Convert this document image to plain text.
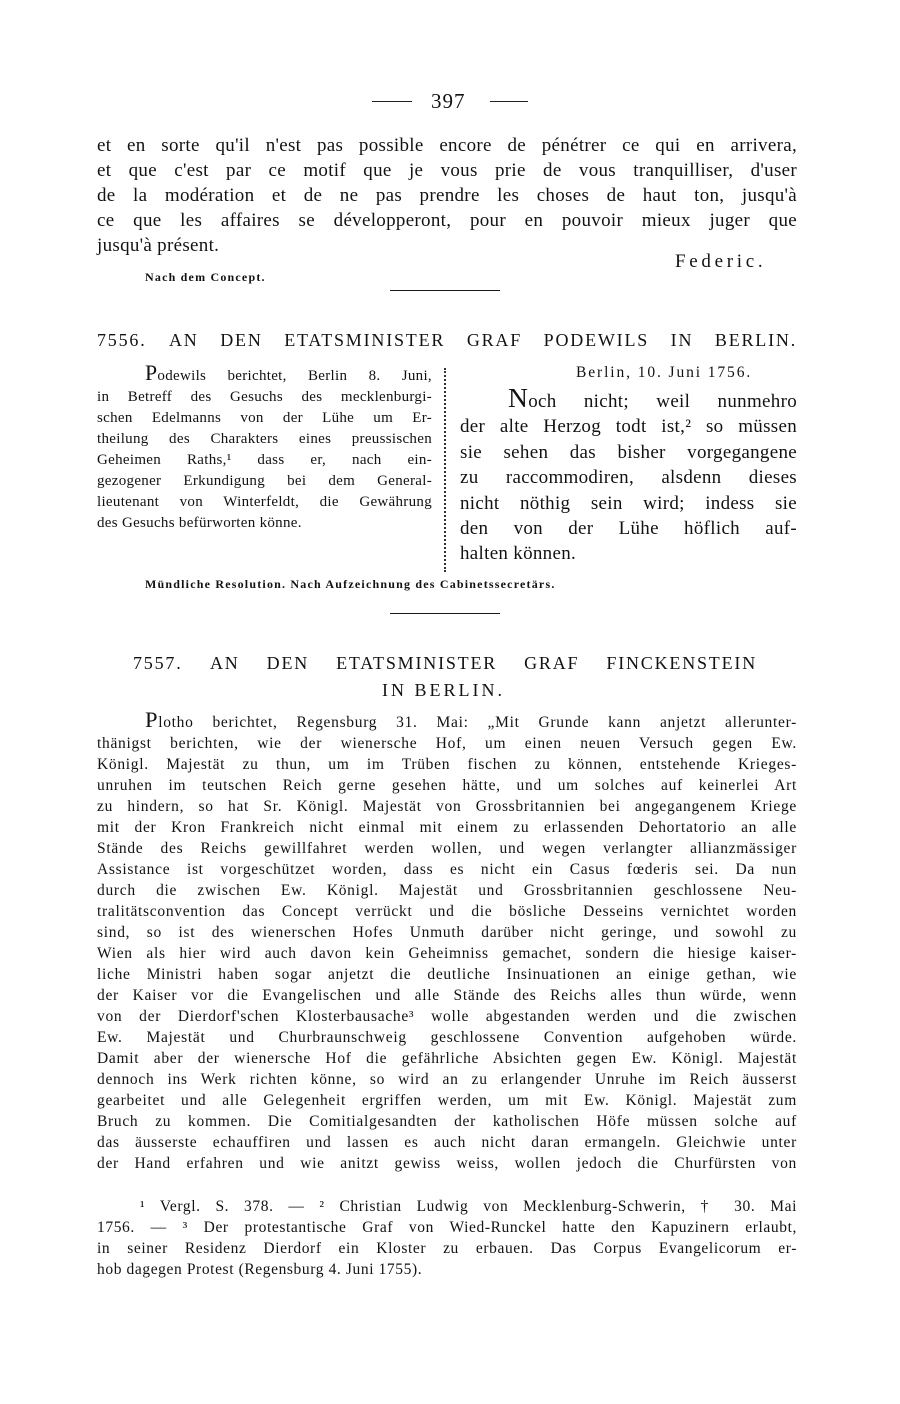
397
et en sorte qu'il n'est pas possible encore de pénétrer ce qui en arrivera,
et que c'est par ce motif que je vous prie de vous tranquilliser, d'user
de la modération et de ne pas prendre les choses de haut ton, jusqu'à
ce que les affaires se développeront, pour en pouvoir mieux juger que
jusqu'à présent.
Federic.
Nach dem Concept.
7556. AN DEN ETATSMINISTER GRAF PODEWILS IN BERLIN.
Podewils berichtet, Berlin 8. Juni,
in Betreff des Gesuchs des mecklenburgi-
schen Edelmanns von der Lühe um Er-
theilung des Charakters eines preussischen
Geheimen Raths,¹ dass er, nach ein-
gezogener Erkundigung bei dem General-
lieutenant von Winterfeldt, die Gewährung
des Gesuchs befürworten könne.
Berlin, 10. Juni 1756.
Noch nicht; weil nunmehro
der alte Herzog todt ist,² so müssen
sie sehen das bisher vorgegangene
zu raccommodiren, alsdenn dieses
nicht nöthig sein wird; indess sie
den von der Lühe höflich auf-
halten können.
Mündliche Resolution. Nach Aufzeichnung des Cabinetssecretärs.
7557. AN DEN ETATSMINISTER GRAF FINCKENSTEIN
IN BERLIN.
Plotho berichtet, Regensburg 31. Mai: „Mit Grunde kann anjetzt allerunter-
thänigst berichten, wie der wienersche Hof, um einen neuen Versuch gegen Ew.
Königl. Majestät zu thun, um im Trüben fischen zu können, entstehende Krieges-
unruhen im teutschen Reich gerne gesehen hätte, und um solches auf keinerlei Art
zu hindern, so hat Sr. Königl. Majestät von Grossbritannien bei angegangenem Kriege
mit der Kron Frankreich nicht einmal mit einem zu erlassenden Dehortatorio an alle
Stände des Reichs gewillfahret werden wollen, und wegen verlangter allianzmässiger
Assistance ist vorgeschützet worden, dass es nicht ein Casus fœderis sei. Da nun
durch die zwischen Ew. Königl. Majestät und Grossbritannien geschlossene Neu-
tralitätsconvention das Concept verrückt und die bösliche Desseins vernichtet worden
sind, so ist des wienerschen Hofes Unmuth darüber nicht geringe, und sowohl zu
Wien als hier wird auch davon kein Geheimniss gemachet, sondern die hiesige kaiser-
liche Ministri haben sogar anjetzt die deutliche Insinuationen an einige gethan, wie
der Kaiser vor die Evangelischen und alle Stände des Reichs alles thun würde, wenn
von der Dierdorf'schen Klosterbausache³ wolle abgestanden werden und die zwischen
Ew. Majestät und Churbraunschweig geschlossene Convention aufgehoben würde.
Damit aber der wienersche Hof die gefährliche Absichten gegen Ew. Königl. Majestät
dennoch ins Werk richten könne, so wird an zu erlangender Unruhe im Reich äusserst
gearbeitet und alle Gelegenheit ergriffen werden, um mit Ew. Königl. Majestät zum
Bruch zu kommen. Die Comitialgesandten der katholischen Höfe müssen solche auf
das äusserste echauffiren und lassen es auch nicht daran ermangeln. Gleichwie unter
der Hand erfahren und wie anitzt gewiss weiss, wollen jedoch die Churfürsten von
¹ Vergl. S. 378. — ² Christian Ludwig von Mecklenburg-Schwerin, † 30. Mai
1756. — ³ Der protestantische Graf von Wied-Runckel hatte den Kapuzinern erlaubt,
in seiner Residenz Dierdorf ein Kloster zu erbauen. Das Corpus Evangelicorum er-
hob dagegen Protest (Regensburg 4. Juni 1755).
